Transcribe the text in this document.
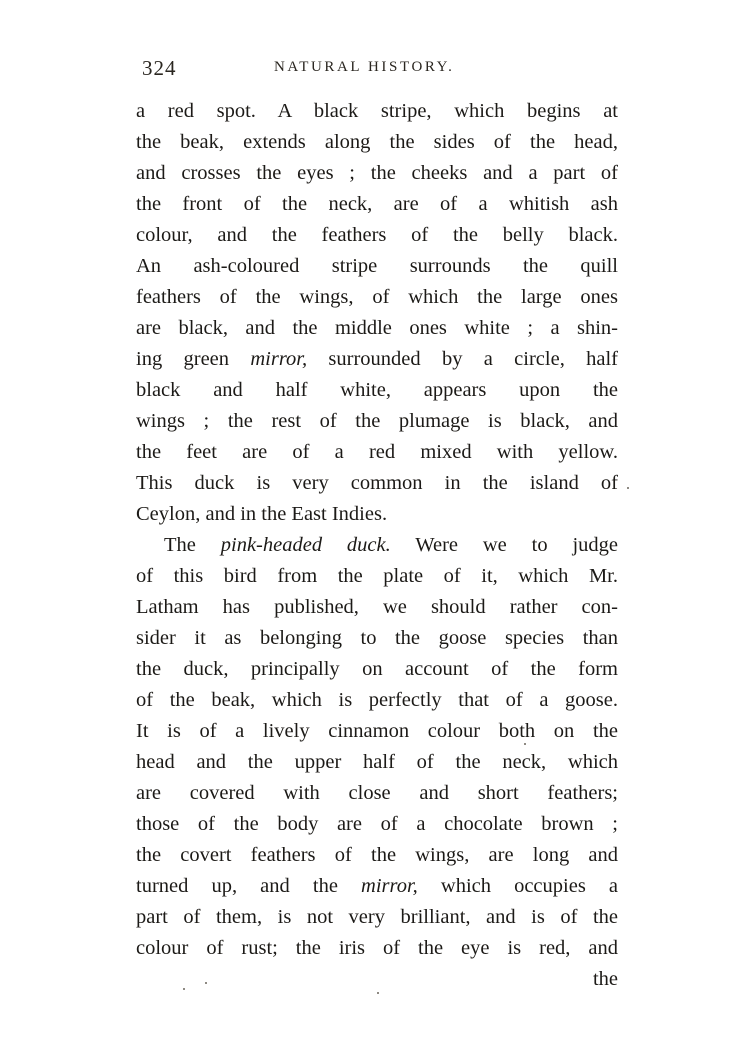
324	NATURAL HISTORY.
a red spot. A black stripe, which begins at
the beak, extends along the sides of the head,
and crosses the eyes ; the cheeks and a part of
the front of the neck, are of a whitish ash
colour, and the feathers of the belly black.
An ash-coloured stripe surrounds the quill
feathers of the wings, of which the large ones
are black, and the middle ones white ; a shin-
ing green mirror, surrounded by a circle, half
black and half white, appears upon the
wings ; the rest of the plumage is black, and
the feet are of a red mixed with yellow.
This duck is very common in the island of
Ceylon, and in the East Indies.
The pink-headed duck. Were we to judge
of this bird from the plate of it, which Mr.
Latham has published, we should rather con-
sider it as belonging to the goose species than
the duck, principally on account of the form
of the beak, which is perfectly that of a goose.
It is of a lively cinnamon colour both on the
head and the upper half of the neck, which
are covered with close and short feathers;
those of the body are of a chocolate brown ;
the covert feathers of the wings, are long and
turned up, and the mirror, which occupies a
part of them, is not very brilliant, and is of the
colour of rust; the iris of the eye is red, and
the
